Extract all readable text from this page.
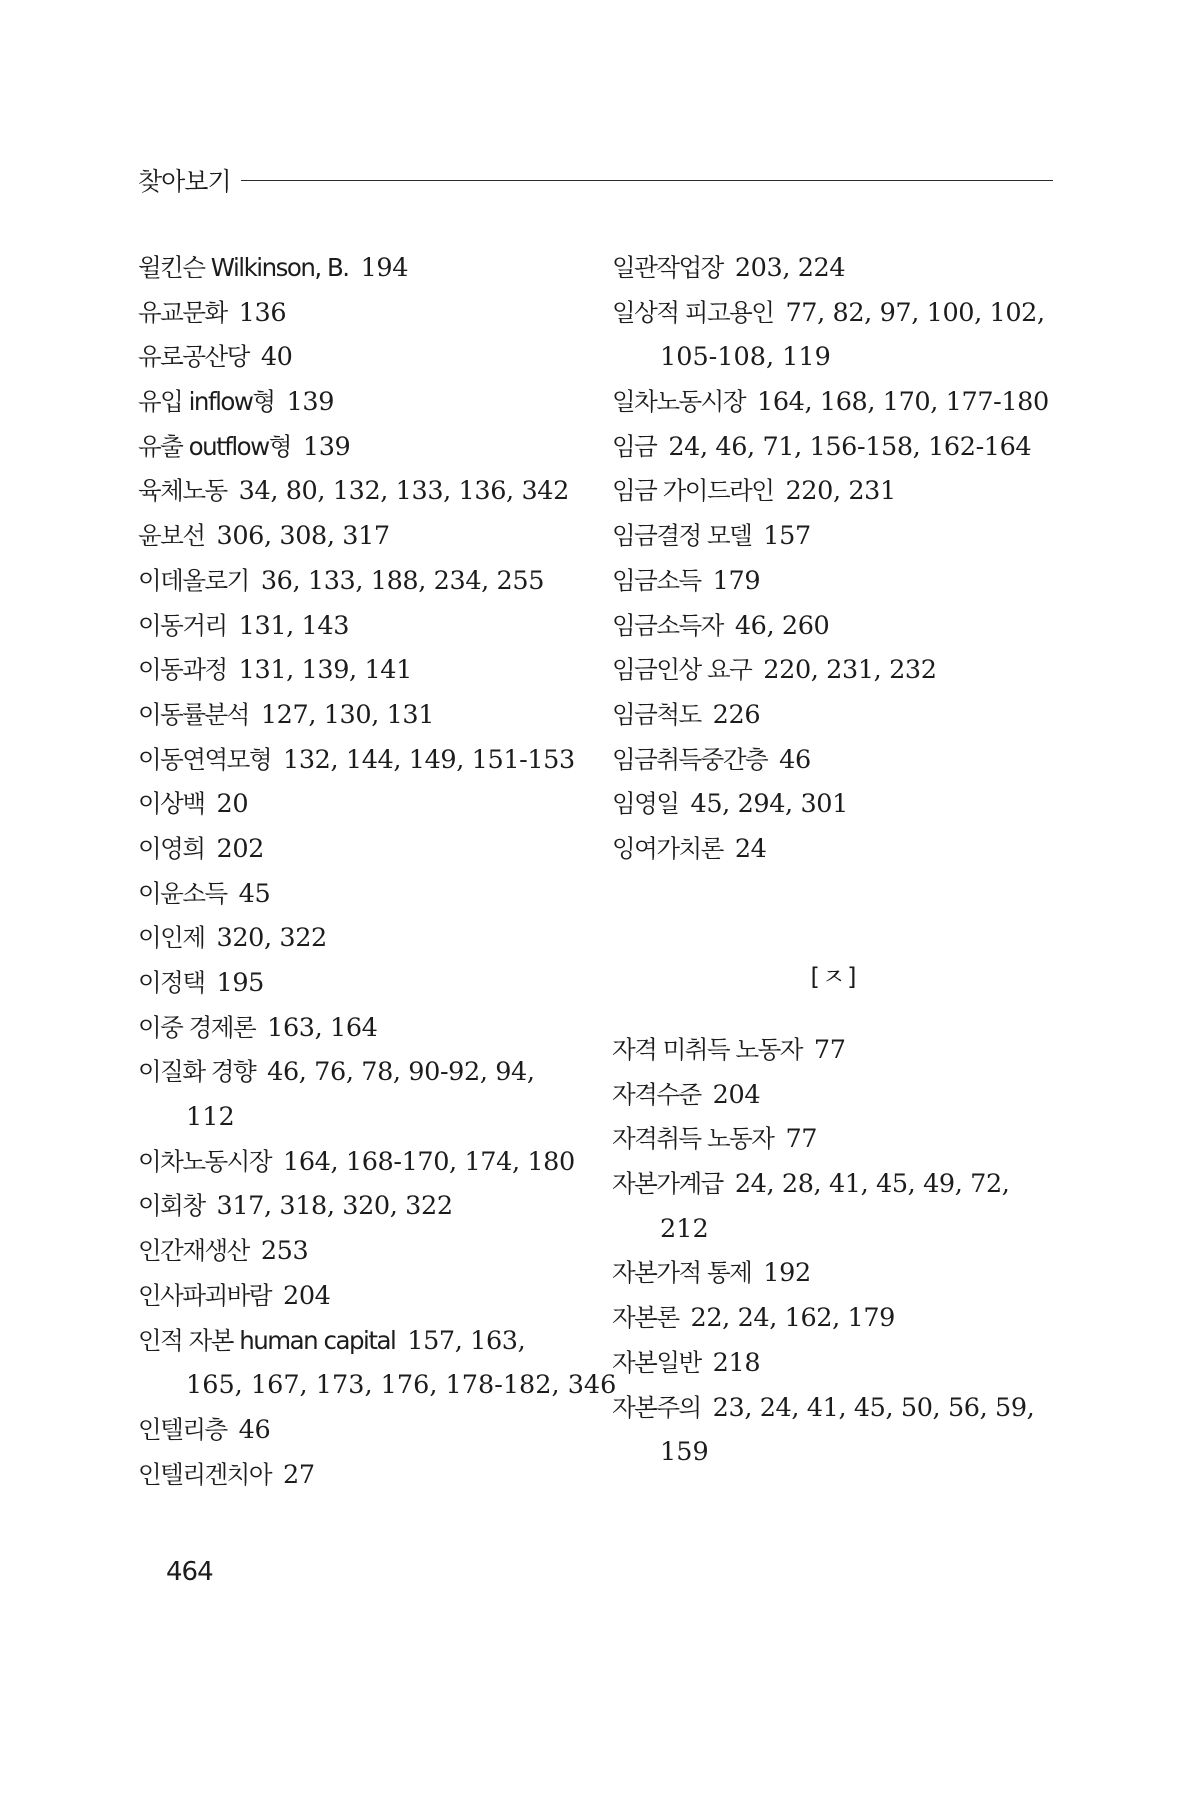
찾아보기
윌킨슨 Wilkinson, B. 194
유교문화 136
유로공산당 40
유입 inflow형 139
유출 outflow형 139
육체노동 34, 80, 132, 133, 136, 342
윤보선 306, 308, 317
이데올로기 36, 133, 188, 234, 255
이동거리 131, 143
이동과정 131, 139, 141
이동률분석 127, 130, 131
이동연역모형 132, 144, 149, 151-153
이상백 20
이영희 202
이윤소득 45
이인제 320, 322
이정택 195
이중 경제론 163, 164
이질화 경향 46, 76, 78, 90-92, 94,
112
이차노동시장 164, 168-170, 174, 180
이회창 317, 318, 320, 322
인간재생산 253
인사파괴바람 204
인적 자본 human capital 157, 163,
165, 167, 173, 176, 178-182, 346
인텔리층 46
인텔리겐치아 27
일관작업장 203, 224
일상적 피고용인 77, 82, 97, 100, 102,
105-108, 119
일차노동시장 164, 168, 170, 177-180
임금 24, 46, 71, 156-158, 162-164
임금 가이드라인 220, 231
임금결정 모델 157
임금소득 179
임금소득자 46, 260
임금인상 요구 220, 231, 232
임금척도 226
임금취득중간층 46
임영일 45, 294, 301
잉여가치론 24
자격 미취득 노동자 77
자격수준 204
자격취득 노동자 77
자본가계급 24, 28, 41, 45, 49, 72,
212
자본가적 통제 192
자본론 22, 24, 162, 179
자본일반 218
자본주의 23, 24, 41, 45, 50, 56, 59,
159
[ㅈ]
464
